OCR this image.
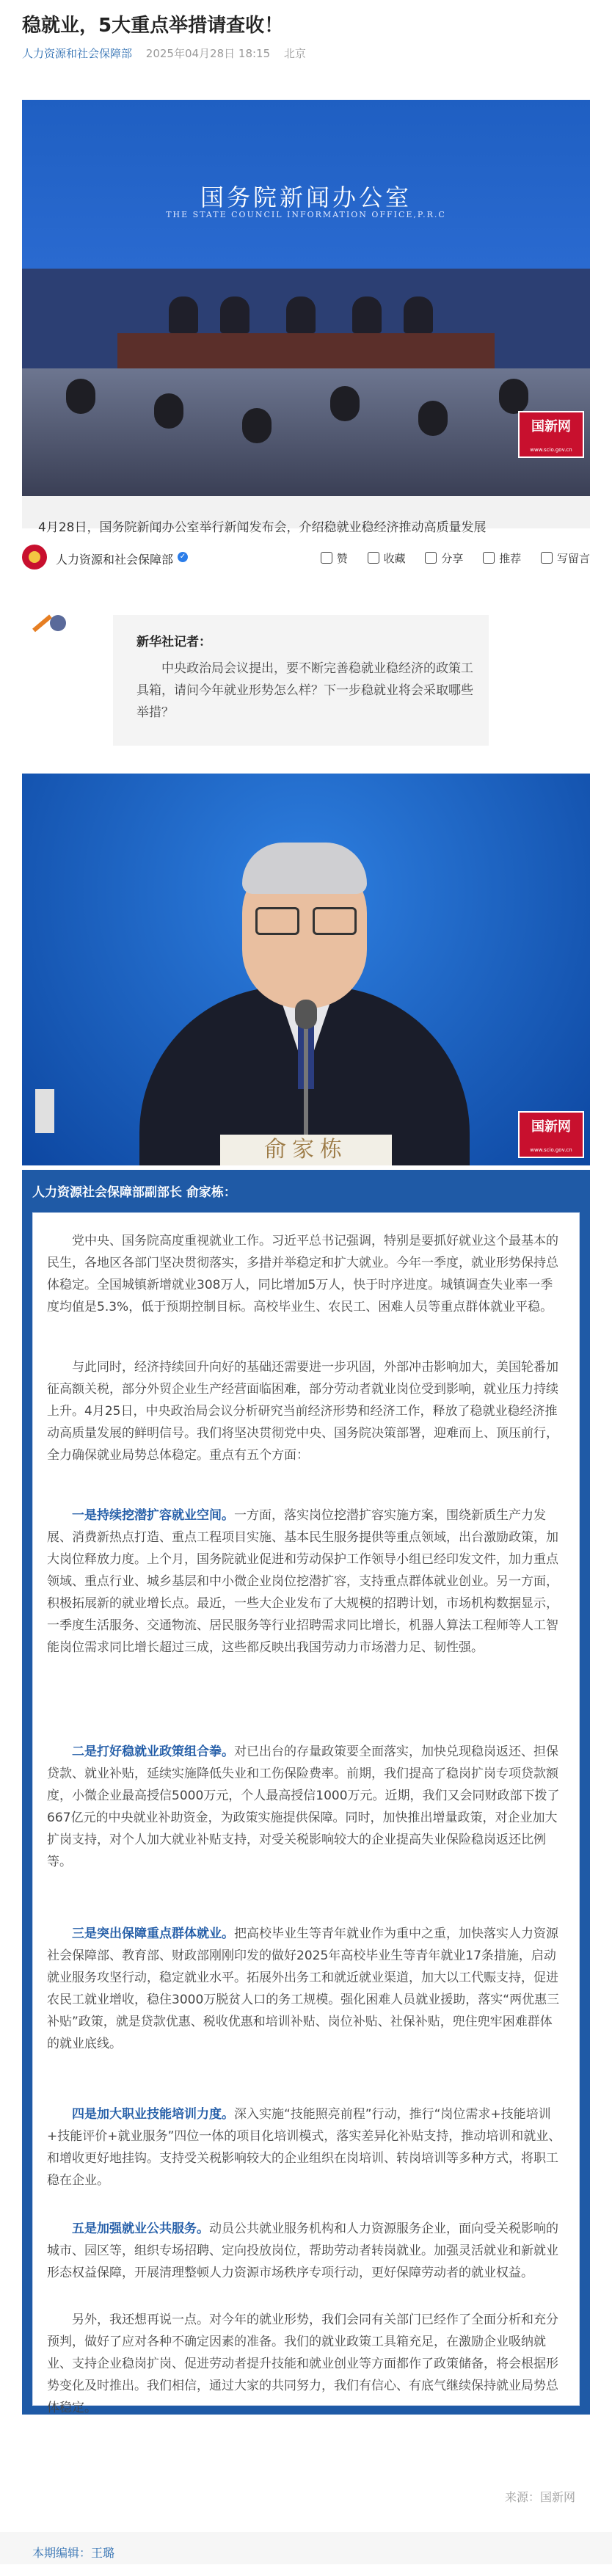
稳就业，5大重点举措请查收！
人力资源和社会保障部 2025年04月28日 18:15 北京
国务院新闻办公室
THE STATE COUNCIL INFORMATION OFFICE,P.R.C
国新网
www.scio.gov.cn
4月28日，国务院新闻办公室举行新闻发布会，介绍稳就业稳经济推动高质量发展
人力资源和社会保障部 ✓	赞	收藏	分享	推荐	写留言
新华社记者：
中央政治局会议提出，要不断完善稳就业稳经济的政策工具箱，请问今年就业形势怎么样？下一步稳就业将会采取哪些举措？
俞家栋
国新网
www.scio.gov.cn
人力资源社会保障部副部长 俞家栋：
党中央、国务院高度重视就业工作。习近平总书记强调，特别是要抓好就业这个最基本的民生，各地区各部门坚决贯彻落实，多措并举稳定和扩大就业。今年一季度，就业形势保持总体稳定。全国城镇新增就业308万人，同比增加5万人，快于时序进度。城镇调查失业率一季度均值是5.3%，低于预期控制目标。高校毕业生、农民工、困难人员等重点群体就业平稳。
与此同时，经济持续回升向好的基础还需要进一步巩固，外部冲击影响加大，美国轮番加征高额关税，部分外贸企业生产经营面临困难，部分劳动者就业岗位受到影响，就业压力持续上升。4月25日，中央政治局会议分析研究当前经济形势和经济工作，释放了稳就业稳经济推动高质量发展的鲜明信号。我们将坚决贯彻党中央、国务院决策部署，迎难而上、顶压前行，全力确保就业局势总体稳定。重点有五个方面：
一是持续挖潜扩容就业空间。一方面，落实岗位挖潜扩容实施方案，围绕新质生产力发展、消费新热点打造、重点工程项目实施、基本民生服务提供等重点领域，出台激励政策，加大岗位释放力度。上个月，国务院就业促进和劳动保护工作领导小组已经印发文件，加力重点领域、重点行业、城乡基层和中小微企业岗位挖潜扩容，支持重点群体就业创业。另一方面，积极拓展新的就业增长点。最近，一些大企业发布了大规模的招聘计划，市场机构数据显示，一季度生活服务、交通物流、居民服务等行业招聘需求同比增长，机器人算法工程师等人工智能岗位需求同比增长超过三成，这些都反映出我国劳动力市场潜力足、韧性强。
二是打好稳就业政策组合拳。对已出台的存量政策要全面落实，加快兑现稳岗返还、担保贷款、就业补贴，延续实施降低失业和工伤保险费率。前期，我们提高了稳岗扩岗专项贷款额度，小微企业最高授信5000万元，个人最高授信1000万元。近期，我们又会同财政部下拨了667亿元的中央就业补助资金，为政策实施提供保障。同时，加快推出增量政策，对企业加大扩岗支持，对个人加大就业补贴支持，对受关税影响较大的企业提高失业保险稳岗返还比例等。
三是突出保障重点群体就业。把高校毕业生等青年就业作为重中之重，加快落实人力资源社会保障部、教育部、财政部刚刚印发的做好2025年高校毕业生等青年就业17条措施，启动就业服务攻坚行动，稳定就业水平。拓展外出务工和就近就业渠道，加大以工代赈支持，促进农民工就业增收，稳住3000万脱贫人口的务工规模。强化困难人员就业援助，落实“两优惠三补贴”政策，就是贷款优惠、税收优惠和培训补贴、岗位补贴、社保补贴，兜住兜牢困难群体的就业底线。
四是加大职业技能培训力度。深入实施“技能照亮前程”行动，推行“岗位需求+技能培训+技能评价+就业服务”四位一体的项目化培训模式，落实差异化补贴支持，推动培训和就业、和增收更好地挂钩。支持受关税影响较大的企业组织在岗培训、转岗培训等多种方式，将职工稳在企业。
五是加强就业公共服务。动员公共就业服务机构和人力资源服务企业，面向受关税影响的城市、园区等，组织专场招聘、定向投放岗位，帮助劳动者转岗就业。加强灵活就业和新就业形态权益保障，开展清理整顿人力资源市场秩序专项行动，更好保障劳动者的就业权益。
另外，我还想再说一点。对今年的就业形势，我们会同有关部门已经作了全面分析和充分预判，做好了应对各种不确定因素的准备。我们的就业政策工具箱充足，在激励企业吸纳就业、支持企业稳岗扩岗、促进劳动者提升技能和就业创业等方面都作了政策储备，将会根据形势变化及时推出。我们相信，通过大家的共同努力，我们有信心、有底气继续保持就业局势总体稳定。
来源：国新网
本期编辑：王璐
